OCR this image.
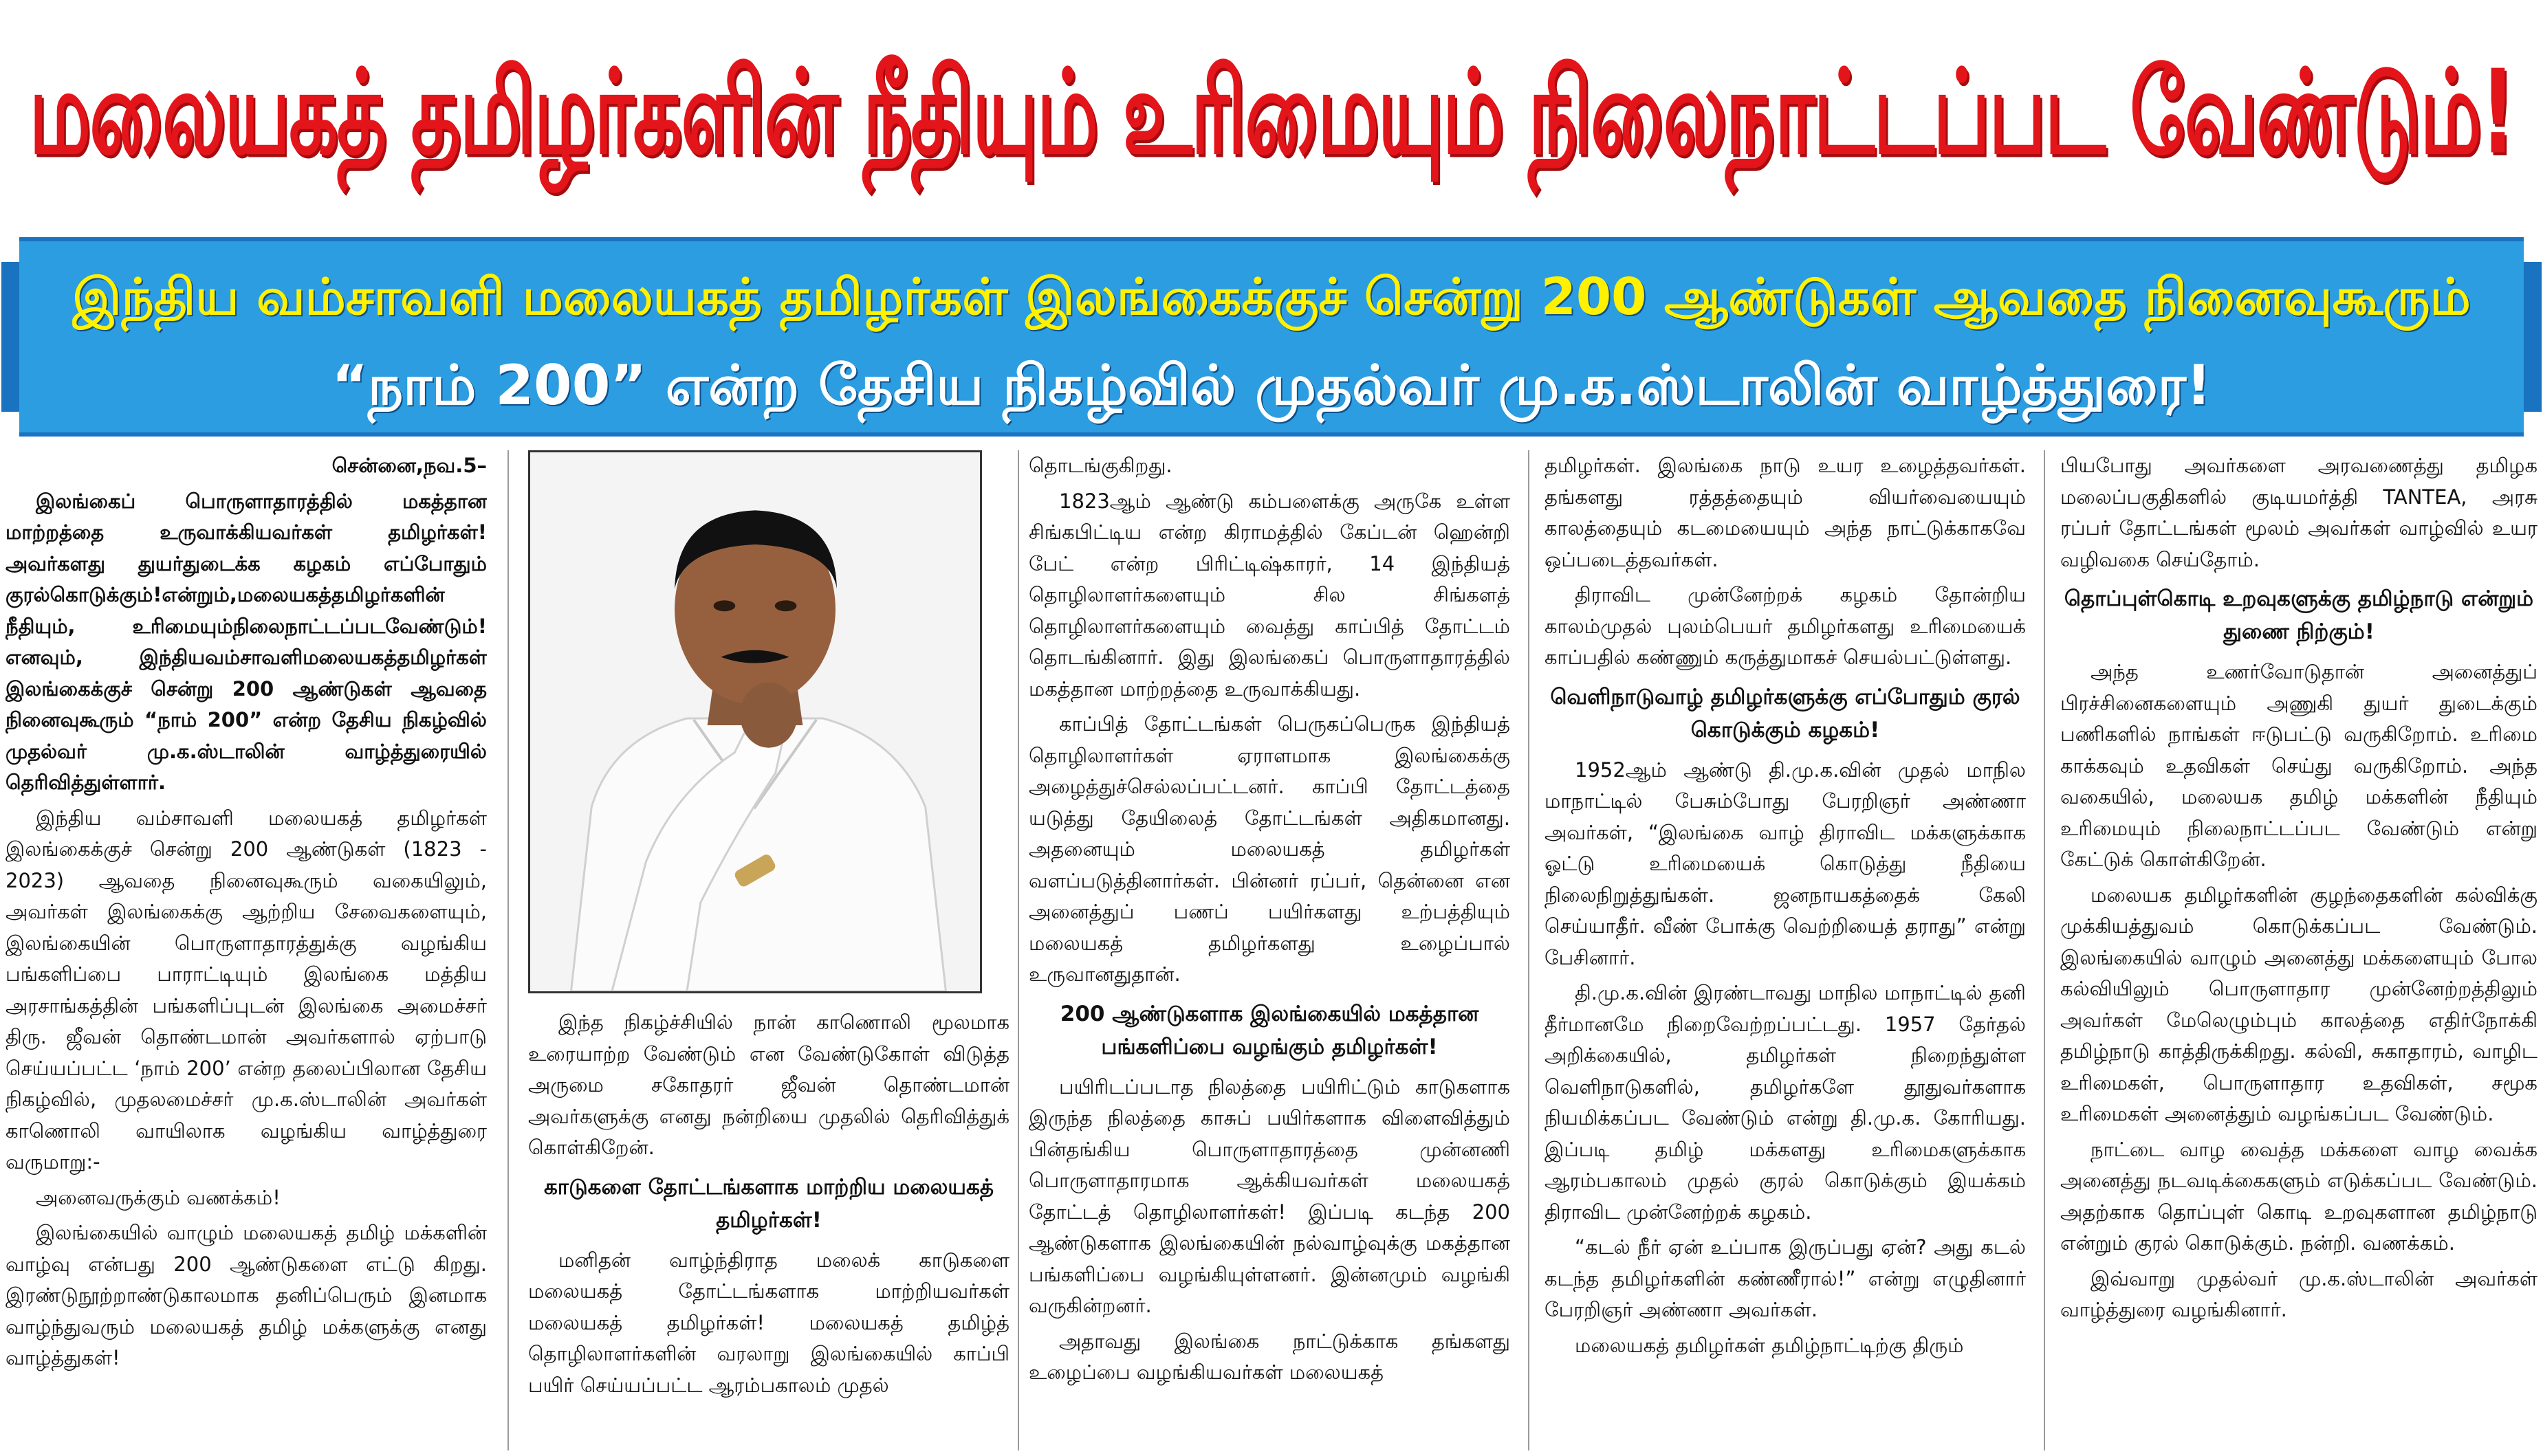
மலையகத் தமிழர்களின் நீதியும் உரிமையும் நிலைநாட்டப்பட வேண்டும்!
இந்திய வம்சாவளி மலையகத் தமிழர்கள் இலங்கைக்குச் சென்று 200 ஆண்டுகள் ஆவதை நினைவுகூரும்
“நாம் 200” என்ற தேசிய நிகழ்வில் முதல்வர் மு.க.ஸ்டாலின் வாழ்த்துரை!
சென்னை,நவ.5–

இலங்கைப் பொருளாதாரத்தில் மகத்தான மாற்றத்தை உருவாக்கியவர்கள் தமிழர்கள்! அவர்களது துயர்துடைக்க கழகம் எப்போதும் குரல்கொடுக்கும்!என்றும்,மலையகத்தமிழர்களின் நீதியும், உரிமையும்நிலைநாட்டப்படவேண்டும்! எனவும், இந்தியவம்சாவளிமலையகத்தமிழர்கள் இலங்கைக்குச் சென்று 200 ஆண்டுகள் ஆவதை நினைவுகூரும் “நாம் 200” என்ற தேசிய நிகழ்வில் முதல்வர் மு.க.ஸ்டாலின் வாழ்த்துரையில் தெரிவித்துள்ளார்.

இந்திய வம்சாவளி மலையகத் தமிழர்கள் இலங்கைக்குச் சென்று 200 ஆண்டுகள் (1823 - 2023) ஆவதை நினைவுகூரும் வகையிலும், அவர்கள் இலங்கைக்கு ஆற்றிய சேவைகளையும், இலங்கையின் பொருளாதாரத்துக்கு வழங்கிய பங்களிப்பை பாராட்டியும் இலங்கை மத்திய அரசாங்கத்தின் பங்களிப்புடன் இலங்கை அமைச்சர் திரு. ஜீவன் தொண்டமான் அவர்களால் ஏற்பாடு செய்யப்பட்ட ‘நாம் 200’ என்ற தலைப்பிலான தேசிய நிகழ்வில், முதலமைச்சர் மு.க.ஸ்டாலின் அவர்கள் காணொலி வாயிலாக வழங்கிய வாழ்த்துரை வருமாறு:-

அனைவருக்கும் வணக்கம்!

இலங்கையில் வாழும் மலையகத் தமிழ் மக்களின் வாழ்வு என்பது 200 ஆண்டுகளை எட்டு கிறது. இரண்டுநூற்றாண்டுகாலமாக தனிப்பெரும் இனமாக வாழ்ந்துவரும் மலையகத் தமிழ் மக்களுக்கு எனது வாழ்த்துகள்!

இந்த நிகழ்ச்சியில் நான் காணொலி மூலமாக உரையாற்ற வேண்டும் என வேண்டுகோள் விடுத்த அருமை சகோதரர் ஜீவன் தொண்டமான் அவர்களுக்கு எனது நன்றியை முதலில் தெரிவித்துக் கொள்கிறேன்.

காடுகளை தோட்டங்களாக மாற்றிய மலையகத் தமிழர்கள்!

மனிதன் வாழ்ந்திராத மலைக் காடுகளை மலையகத் தோட்டங்களாக மாற்றியவர்கள் மலையகத் தமிழர்கள்! மலையகத் தமிழ்த் தொழிலாளர்களின் வரலாறு இலங்கையில் காப்பி பயிர் செய்யப்பட்ட ஆரம்பகாலம் முதல்

தொடங்குகிறது.

1823ஆம் ஆண்டு கம்பளைக்கு அருகே உள்ள சிங்கபிட்டிய என்ற கிராமத்தில் கேப்டன் ஹென்றி பேட் என்ற பிரிட்டிஷ்காரர், 14 இந்தியத் தொழிலாளர்களையும் சில சிங்களத் தொழிலாளர்களையும் வைத்து காப்பித் தோட்டம் தொடங்கினார். இது இலங்கைப் பொருளாதாரத்தில் மகத்தான மாற்றத்தை உருவாக்கியது.

காப்பித் தோட்டங்கள் பெருகப்பெருக இந்தியத் தொழிலாளர்கள் ஏராளமாக இலங்கைக்கு அழைத்துச்செல்லப்பட்டனர். காப்பி தோட்டத்தை யடுத்து தேயிலைத் தோட்டங்கள் அதிகமானது. அதனையும் மலையகத் தமிழர்கள் வளப்படுத்தினார்கள். பின்னர் ரப்பர், தென்னை என அனைத்துப் பணப் பயிர்களது உற்பத்தியும் மலையகத் தமிழர்களது உழைப்பால் உருவானதுதான்.

200 ஆண்டுகளாக இலங்கையில் மகத்தான பங்களிப்பை வழங்கும் தமிழர்கள்!

பயிரிடப்படாத நிலத்தை பயிரிட்டும் காடுகளாக இருந்த நிலத்தை காசுப் பயிர்களாக விளைவித்தும் பின்தங்கிய பொருளாதாரத்தை முன்னணி பொருளாதாரமாக ஆக்கியவர்கள் மலையகத் தோட்டத் தொழிலாளர்கள்! இப்படி கடந்த 200 ஆண்டுகளாக இலங்கையின் நல்வாழ்வுக்கு மகத்தான பங்களிப்பை வழங்கியுள்ளனர். இன்னமும் வழங்கி வருகின்றனர்.

அதாவது இலங்கை நாட்டுக்காக தங்களது உழைப்பை வழங்கியவர்கள் மலையகத்

தமிழர்கள். இலங்கை நாடு உயர உழைத்தவர்கள். தங்களது ரத்தத்தையும் வியர்வையையும் காலத்தையும் கடமையையும் அந்த நாட்டுக்காகவே ஒப்படைத்தவர்கள்.

திராவிட முன்னேற்றக் கழகம் தோன்றிய காலம்முதல் புலம்பெயர் தமிழர்களது உரிமையைக் காப்பதில் கண்ணும் கருத்துமாகச் செயல்பட்டுள்ளது.

வெளிநாடுவாழ் தமிழர்களுக்கு எப்போதும் குரல் கொடுக்கும் கழகம்!

1952ஆம் ஆண்டு தி.மு.க.வின் முதல் மாநில மாநாட்டில் பேசும்போது பேரறிஞர் அண்ணா அவர்கள், “இலங்கை வாழ் திராவிட மக்களுக்காக ஓட்டு உரிமையைக் கொடுத்து நீதியை நிலைநிறுத்துங்கள். ஜனநாயகத்தைக் கேலி செய்யாதீர். வீண் போக்கு வெற்றியைத் தராது” என்று பேசினார்.

தி.மு.க.வின் இரண்டாவது மாநில மாநாட்டில் தனி தீர்மானமே நிறைவேற்றப்பட்டது. 1957 தேர்தல் அறிக்கையில், தமிழர்கள் நிறைந்துள்ள வெளிநாடுகளில், தமிழர்களே தூதுவர்களாக நியமிக்கப்பட வேண்டும் என்று தி.மு.க. கோரியது. இப்படி தமிழ் மக்களது உரிமைகளுக்காக ஆரம்பகாலம் முதல் குரல் கொடுக்கும் இயக்கம் திராவிட முன்னேற்றக் கழகம்.

“கடல் நீர் ஏன் உப்பாக இருப்பது ஏன்? அது கடல் கடந்த தமிழர்களின் கண்ணீரால்!” என்று எழுதினார் பேரறிஞர் அண்ணா அவர்கள்.

மலையகத் தமிழர்கள் தமிழ்நாட்டிற்கு திரும்

பியபோது அவர்களை அரவணைத்து தமிழக மலைப்பகுதிகளில் குடியமர்த்தி TANTEA, அரசு ரப்பர் தோட்டங்கள் மூலம் அவர்கள் வாழ்வில் உயர வழிவகை செய்தோம்.

தொப்புள்கொடி உறவுகளுக்கு தமிழ்நாடு என்றும் துணை நிற்கும்!

அந்த உணர்வோடுதான் அனைத்துப் பிரச்சினைகளையும் அணுகி துயர் துடைக்கும் பணிகளில் நாங்கள் ஈடுபட்டு வருகிறோம். உரிமை காக்கவும் உதவிகள் செய்து வருகிறோம். அந்த வகையில், மலையக தமிழ் மக்களின் நீதியும் உரிமையும் நிலைநாட்டப்பட வேண்டும் என்று கேட்டுக் கொள்கிறேன்.

மலையக தமிழர்களின் குழந்தைகளின் கல்விக்கு முக்கியத்துவம் கொடுக்கப்பட வேண்டும். இலங்கையில் வாழும் அனைத்து மக்களையும் போல கல்வியிலும் பொருளாதார முன்னேற்றத்திலும் அவர்கள் மேலெழும்பும் காலத்தை எதிர்நோக்கி தமிழ்நாடு காத்திருக்கிறது. கல்வி, சுகாதாரம், வாழிட உரிமைகள், பொருளாதார உதவிகள், சமூக உரிமைகள் அனைத்தும் வழங்கப்பட வேண்டும்.

நாட்டை வாழ வைத்த மக்களை வாழ வைக்க அனைத்து நடவடிக்கைகளும் எடுக்கப்பட வேண்டும். அதற்காக தொப்புள் கொடி உறவுகளான தமிழ்நாடு என்றும் குரல் கொடுக்கும். நன்றி. வணக்கம்.

இவ்வாறு முதல்வர் மு.க.ஸ்டாலின் அவர்கள் வாழ்த்துரை வழங்கினார்.
